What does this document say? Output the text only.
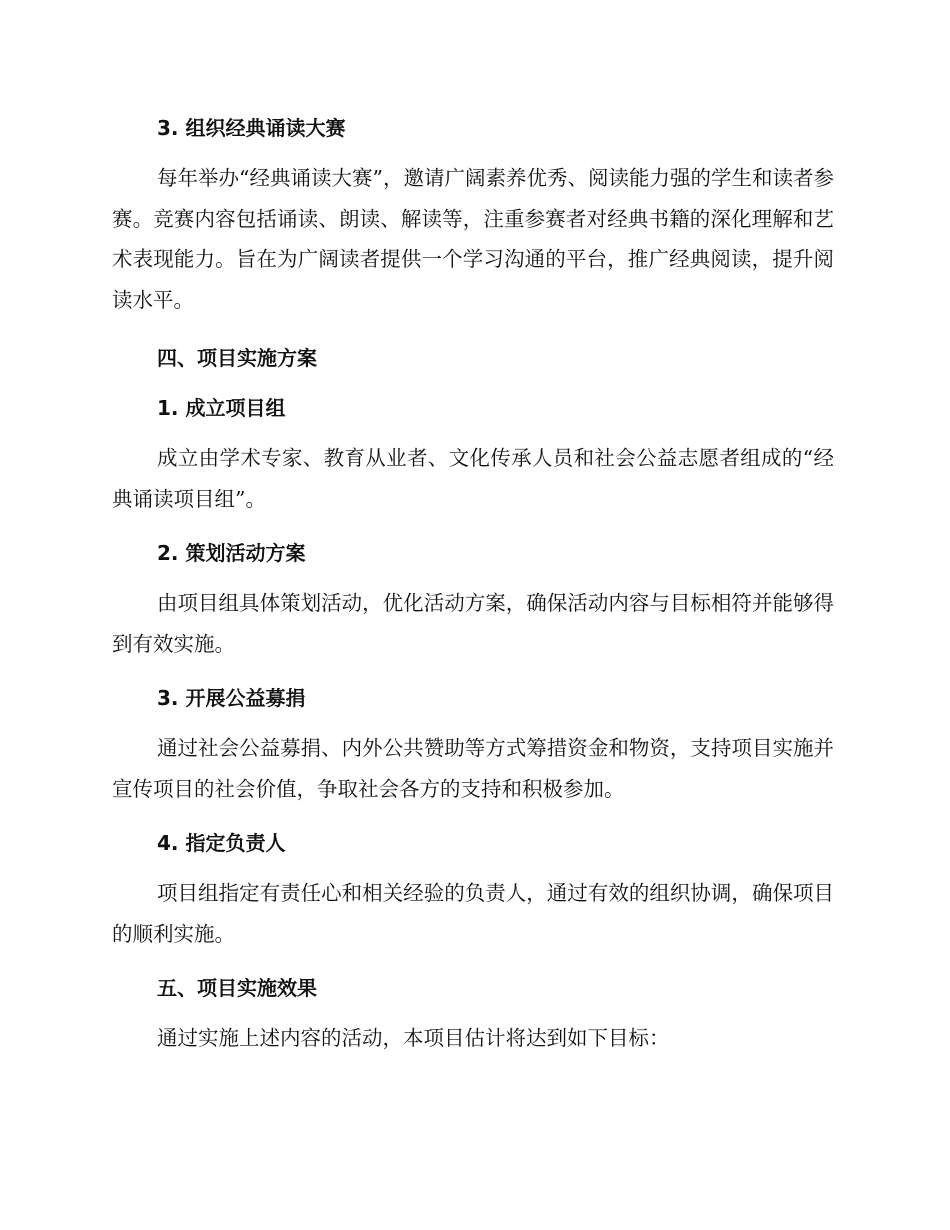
3. 组织经典诵读大赛

每年举办“经典诵读大赛”，邀请广阔素养优秀、阅读能力强的学生和读者参赛。竞赛内容包括诵读、朗读、解读等，注重参赛者对经典书籍的深化理解和艺术表现能力。旨在为广阔读者提供一个学习沟通的平台，推广经典阅读，提升阅读水平。

四、项目实施方案
1. 成立项目组

成立由学术专家、教育从业者、文化传承人员和社会公益志愿者组成的“经典诵读项目组”。

2. 策划活动方案

由项目组具体策划活动，优化活动方案，确保活动内容与目标相符并能够得到有效实施。

3. 开展公益募捐

通过社会公益募捐、内外公共赞助等方式筹措资金和物资，支持项目实施并宣传项目的社会价值，争取社会各方的支持和积极参加。

4. 指定负责人

项目组指定有责任心和相关经验的负责人，通过有效的组织协调，确保项目的顺利实施。

五、项目实施效果

通过实施上述内容的活动，本项目估计将达到如下目标：
